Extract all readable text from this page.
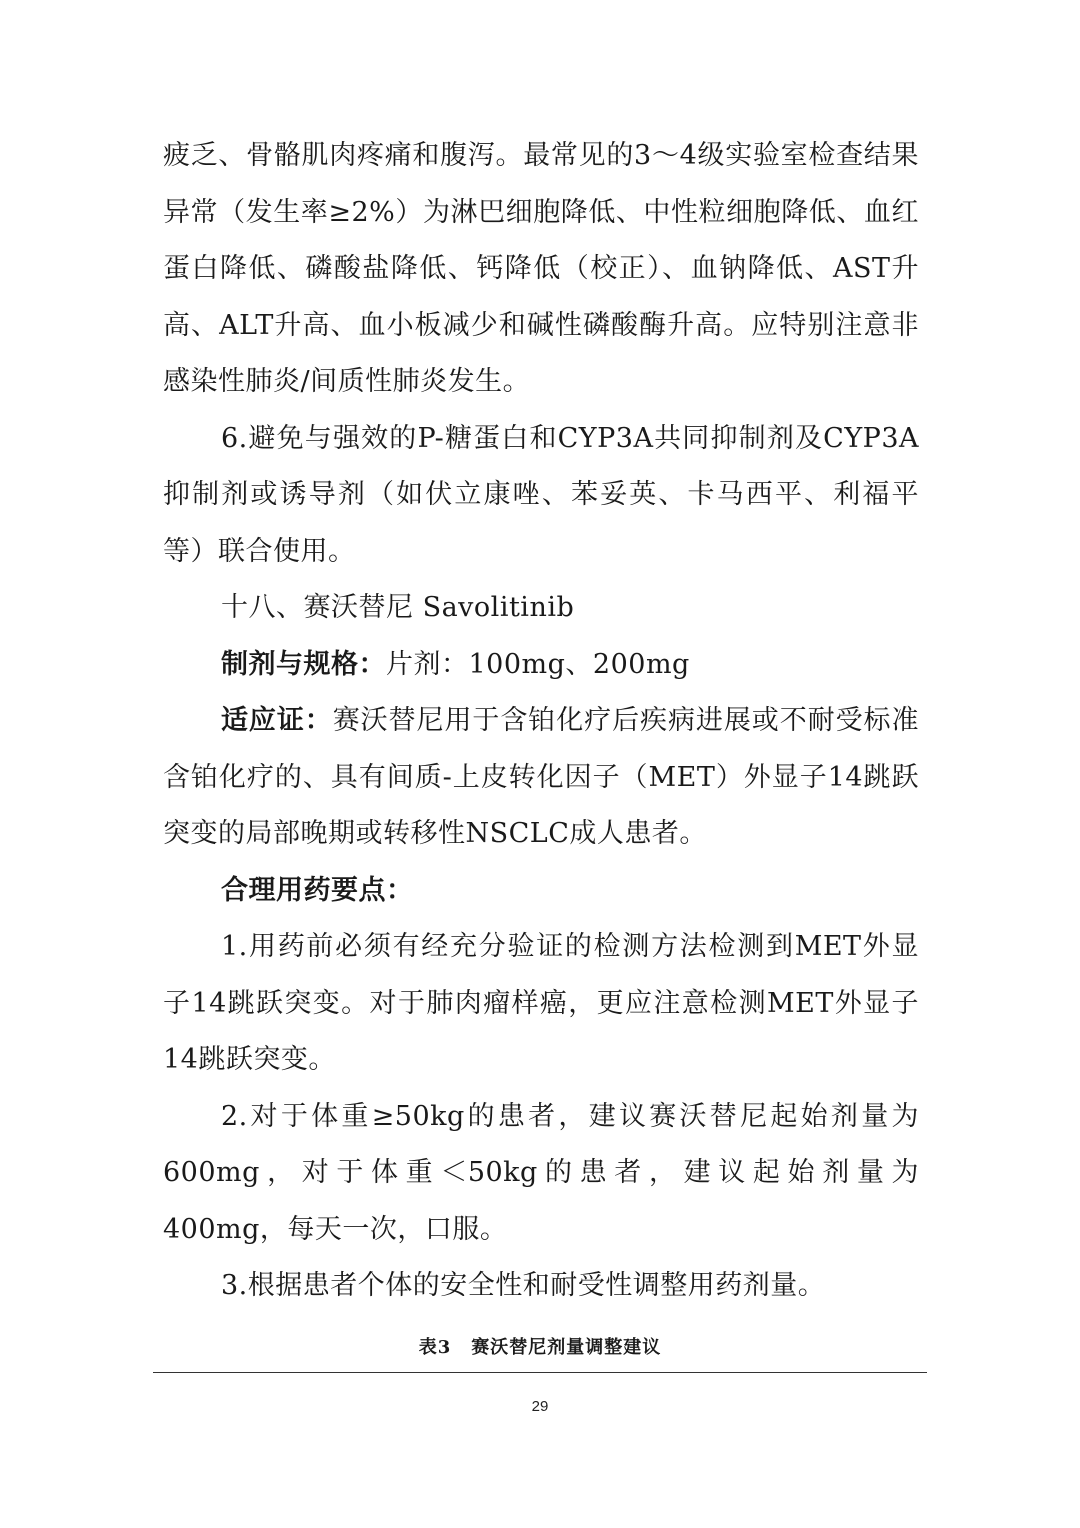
疲乏、骨骼肌肉疼痛和腹泻。最常见的3～4级实验室检查结果异常（发生率≥2%）为淋巴细胞降低、中性粒细胞降低、血红蛋白降低、磷酸盐降低、钙降低（校正）、血钠降低、AST升高、ALT升高、血小板减少和碱性磷酸酶升高。应特别注意非感染性肺炎/间质性肺炎发生。

6.避免与强效的P-糖蛋白和CYP3A共同抑制剂及CYP3A抑制剂或诱导剂（如伏立康唑、苯妥英、卡马西平、利福平等）联合使用。

十八、赛沃替尼 Savolitinib

制剂与规格：片剂：100mg、200mg

适应证：赛沃替尼用于含铂化疗后疾病进展或不耐受标准含铂化疗的、具有间质-上皮转化因子（MET）外显子14跳跃突变的局部晚期或转移性NSCLC成人患者。

合理用药要点：

1.用药前必须有经充分验证的检测方法检测到MET外显子14跳跃突变。对于肺肉瘤样癌，更应注意检测MET外显子14跳跃突变。

2.对于体重≥50kg的患者，建议赛沃替尼起始剂量为600mg，对于体重＜50kg的患者，建议起始剂量为400mg，每天一次，口服。

3.根据患者个体的安全性和耐受性调整用药剂量。

表3 赛沃替尼剂量调整建议
29
